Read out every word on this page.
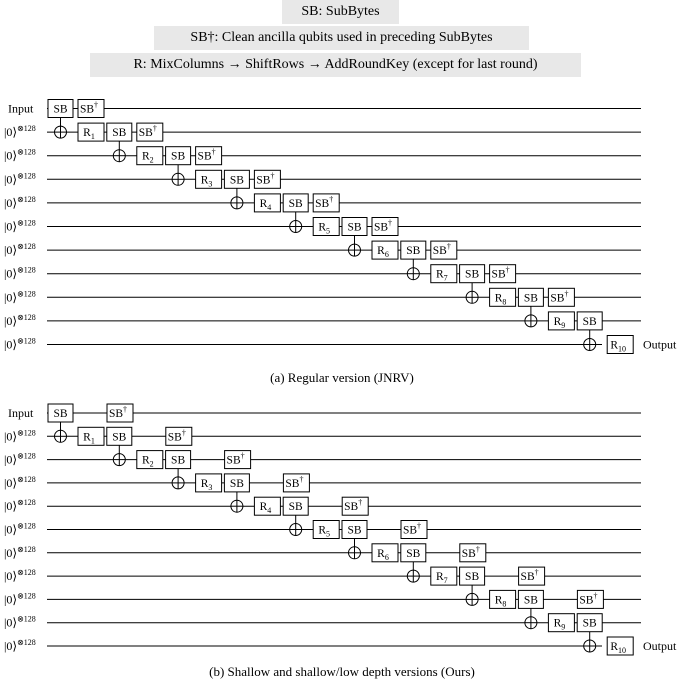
SB: SubBytes
SB†: Clean ancilla qubits used in preceding SubBytes
R: MixColumns → ShiftRows → AddRoundKey (except for last round)
Input
|0⟩$^{\otimes 128}$
|0⟩$^{\otimes 128}$
|0⟩$^{\otimes 128}$
|0⟩$^{\otimes 128}$
|0⟩$^{\otimes 128}$
|0⟩$^{\otimes 128}$
|0⟩$^{\otimes 128}$
|0⟩$^{\otimes 128}$
|0⟩$^{\otimes 128}$
|0⟩$^{\otimes 128}$
SB SB†
$R_1$ SB SB†
$R_2$ SB SB†
$R_3$ SB SB†
$R_4$ SB SB†
$R_5$ SB SB†
$R_6$ SB SB†
$R_7$ SB SB†
$R_8$ SB SB†
$R_9$ SB
$R_{10}$ Output
Input
|0⟩$^{\otimes 128}$
|0⟩$^{\otimes 128}$
|0⟩$^{\otimes 128}$
|0⟩$^{\otimes 128}$
|0⟩$^{\otimes 128}$
|0⟩$^{\otimes 128}$
|0⟩$^{\otimes 128}$
|0⟩$^{\otimes 128}$
|0⟩$^{\otimes 128}$
|0⟩$^{\otimes 128}$
SB	SB†
$R_1$ SB	SB†
$R_2$ SB	SB†
$R_3$ SB	SB†
$R_4$ SB	SB†
$R_5$ SB	SB†
$R_6$ SB	SB†
$R_7$ SB	SB†
$R_8$ SB	SB†
$R_9$ SB
$R_{10}$ Output
(a) Regular version (JNRV)
(b) Shallow and shallow/low depth versions (Ours)
